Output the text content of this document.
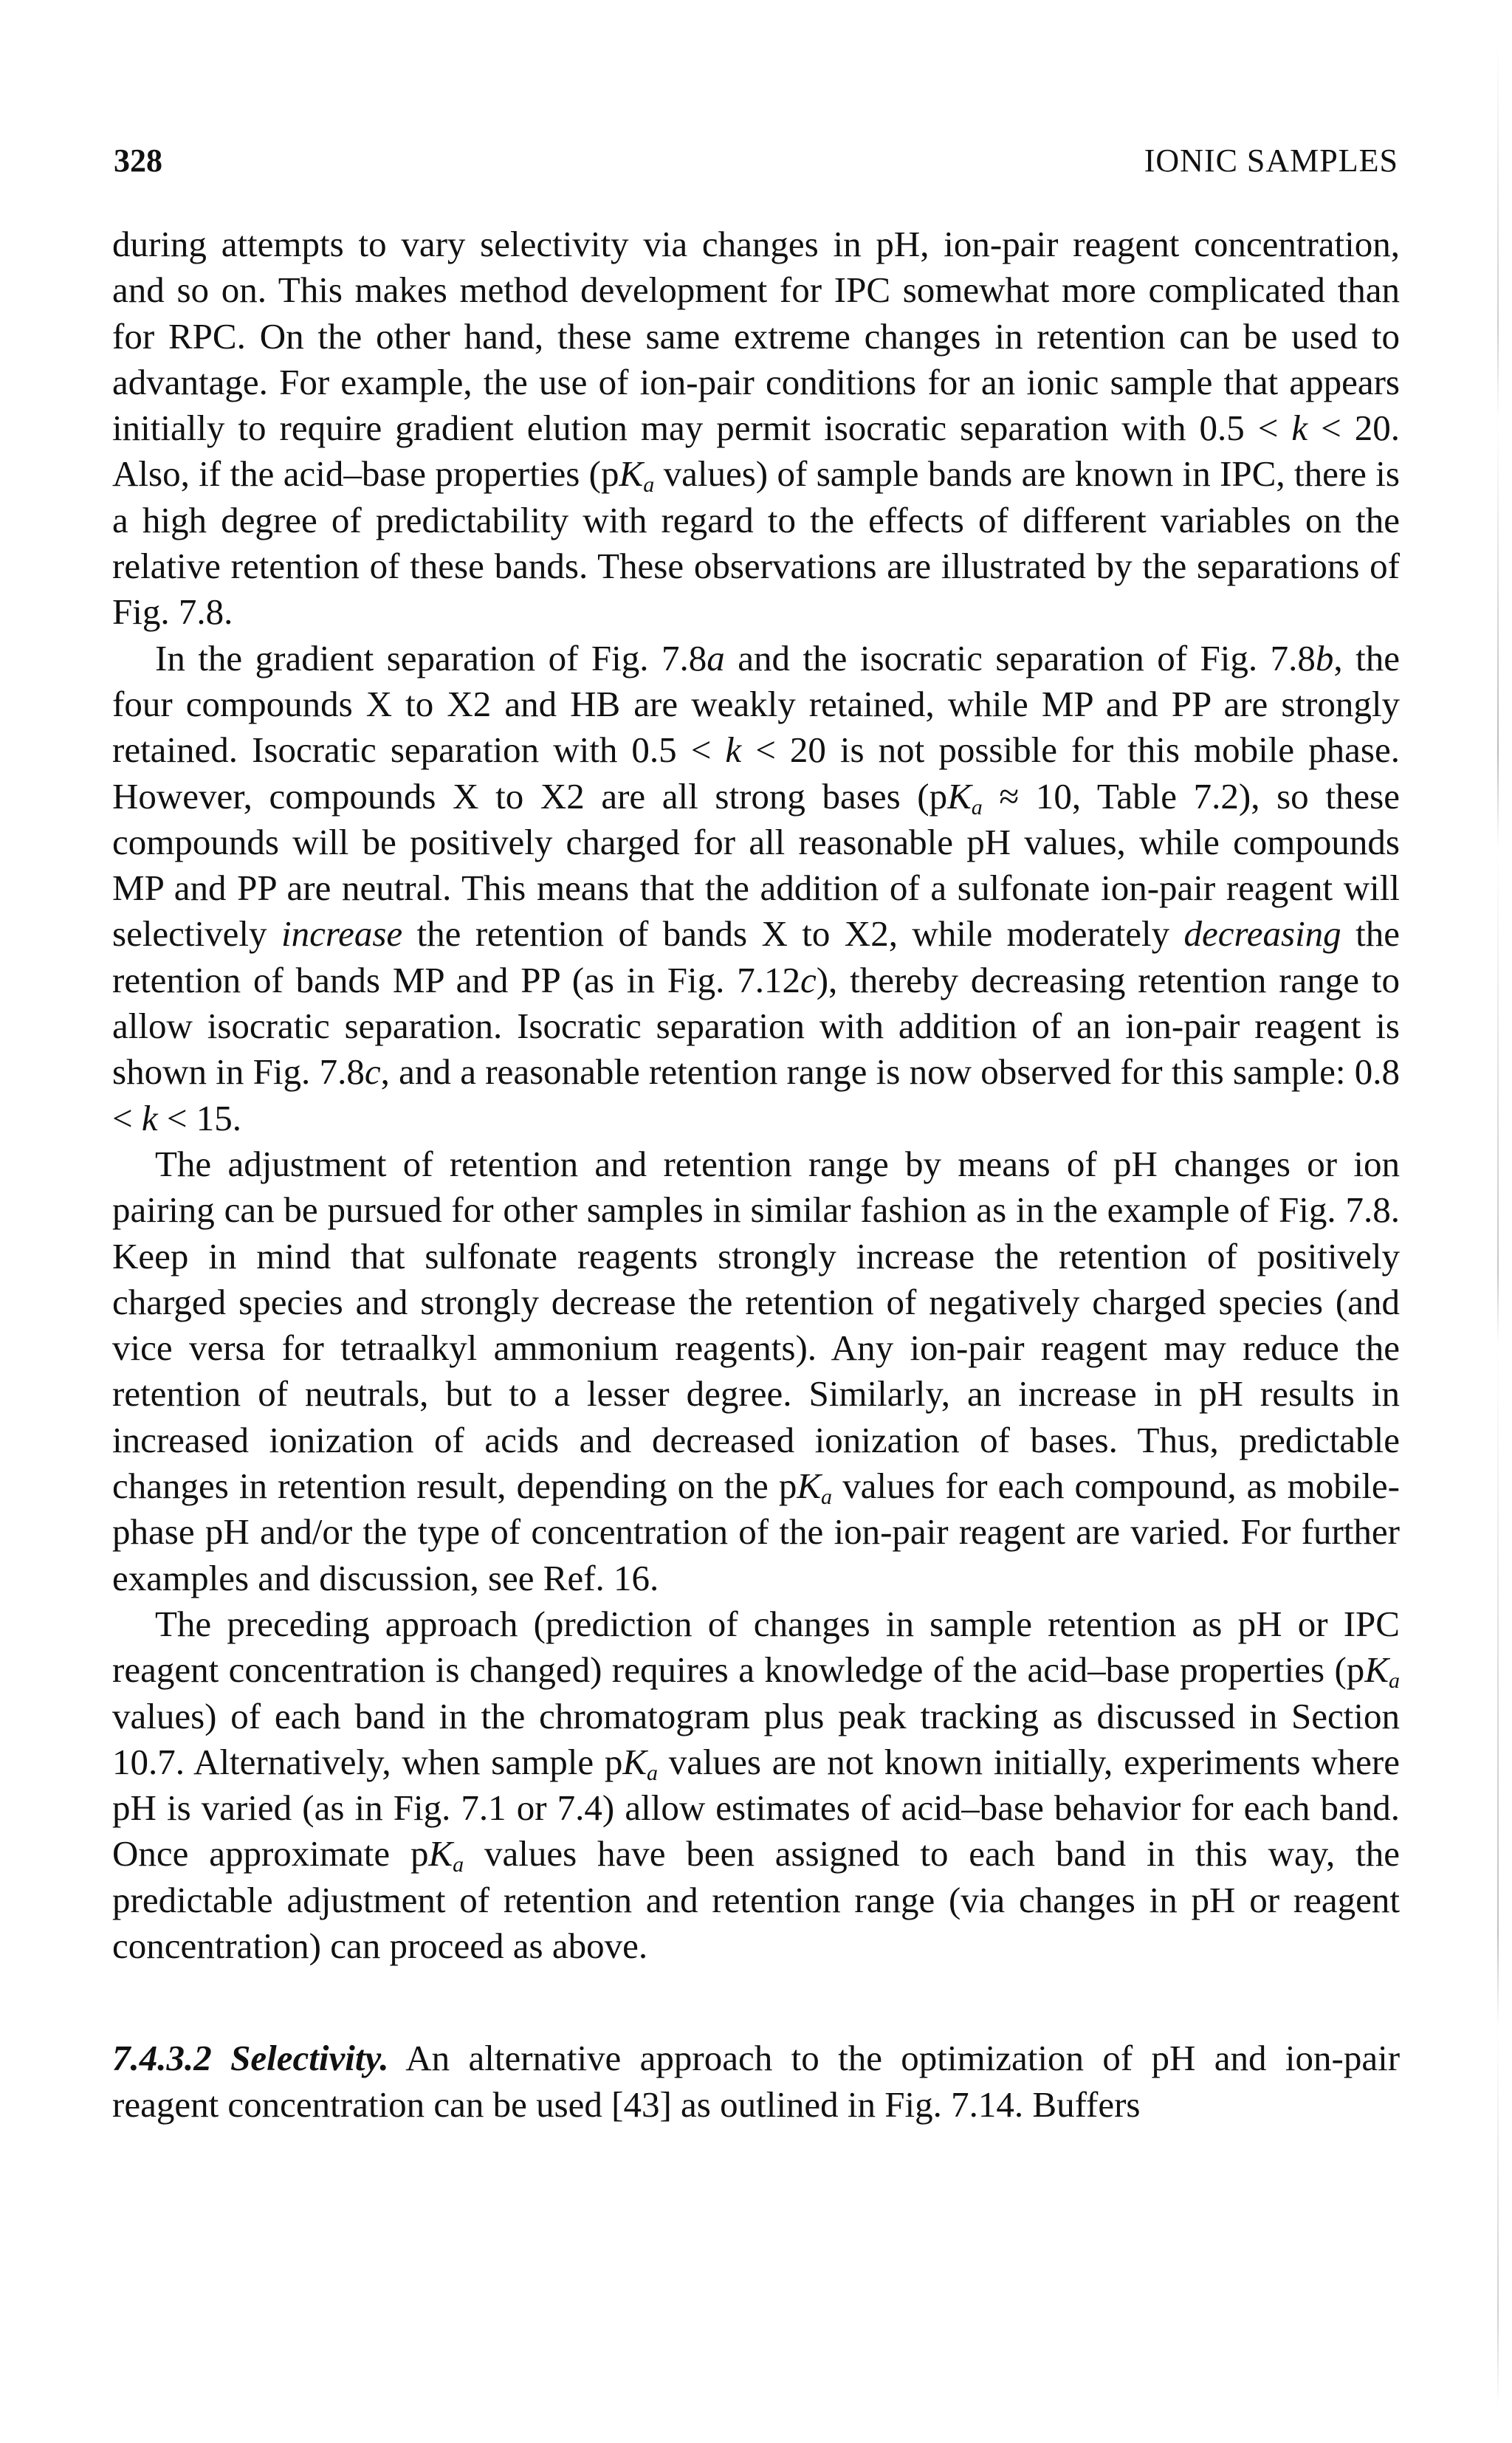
328	IONIC SAMPLES

during attempts to vary selectivity via changes in pH, ion-pair reagent concentration, and so on. This makes method development for IPC somewhat more complicated than for RPC. On the other hand, these same extreme changes in retention can be used to advantage. For example, the use of ion-pair conditions for an ionic sample that appears initially to require gradient elution may permit isocratic separation with 0.5 < k < 20. Also, if the acid–base properties ($pK_a$ values) of sample bands are known in IPC, there is a high degree of predictability with regard to the effects of different variables on the relative retention of these bands. These observations are illustrated by the separations of Fig. 7.8.

In the gradient separation of Fig. 7.8a and the isocratic separation of Fig. 7.8b, the four compounds X to X2 and HB are weakly retained, while MP and PP are strongly retained. Isocratic separation with 0.5 < k < 20 is not possible for this mobile phase. However, compounds X to X2 are all strong bases ($pK_a \approx 10$, Table 7.2), so these compounds will be positively charged for all reasonable pH values, while compounds MP and PP are neutral. This means that the addition of a sulfonate ion-pair reagent will selectively increase the retention of bands X to X2, while moderately decreasing the retention of bands MP and PP (as in Fig. 7.12c), thereby decreasing retention range to allow isocratic separation. Isocratic separation with addition of an ion-pair reagent is shown in Fig. 7.8c, and a reasonable retention range is now observed for this sample: 0.8 < k < 15.

The adjustment of retention and retention range by means of pH changes or ion pairing can be pursued for other samples in similar fashion as in the example of Fig. 7.8. Keep in mind that sulfonate reagents strongly increase the retention of positively charged species and strongly decrease the retention of negatively charged species (and vice versa for tetraalkyl ammonium reagents). Any ion-pair reagent may reduce the retention of neutrals, but to a lesser degree. Similarly, an increase in pH results in increased ionization of acids and decreased ionization of bases. Thus, predictable changes in retention result, depending on the $pK_a$ values for each compound, as mobile-phase pH and/or the type of concentration of the ion-pair reagent are varied. For further examples and discussion, see Ref. 16.

The preceding approach (prediction of changes in sample retention as pH or IPC reagent concentration is changed) requires a knowledge of the acid–base properties ($pK_a$ values) of each band in the chromatogram plus peak tracking as discussed in Section 10.7. Alternatively, when sample $pK_a$ values are not known initially, experiments where pH is varied (as in Fig. 7.1 or 7.4) allow estimates of acid–base behavior for each band. Once approximate $pK_a$ values have been assigned to each band in this way, the predictable adjustment of retention and retention range (via changes in pH or reagent concentration) can proceed as above.

7.4.3.2 Selectivity. An alternative approach to the optimization of pH and ion-pair reagent concentration can be used [43] as outlined in Fig. 7.14. Buffers
